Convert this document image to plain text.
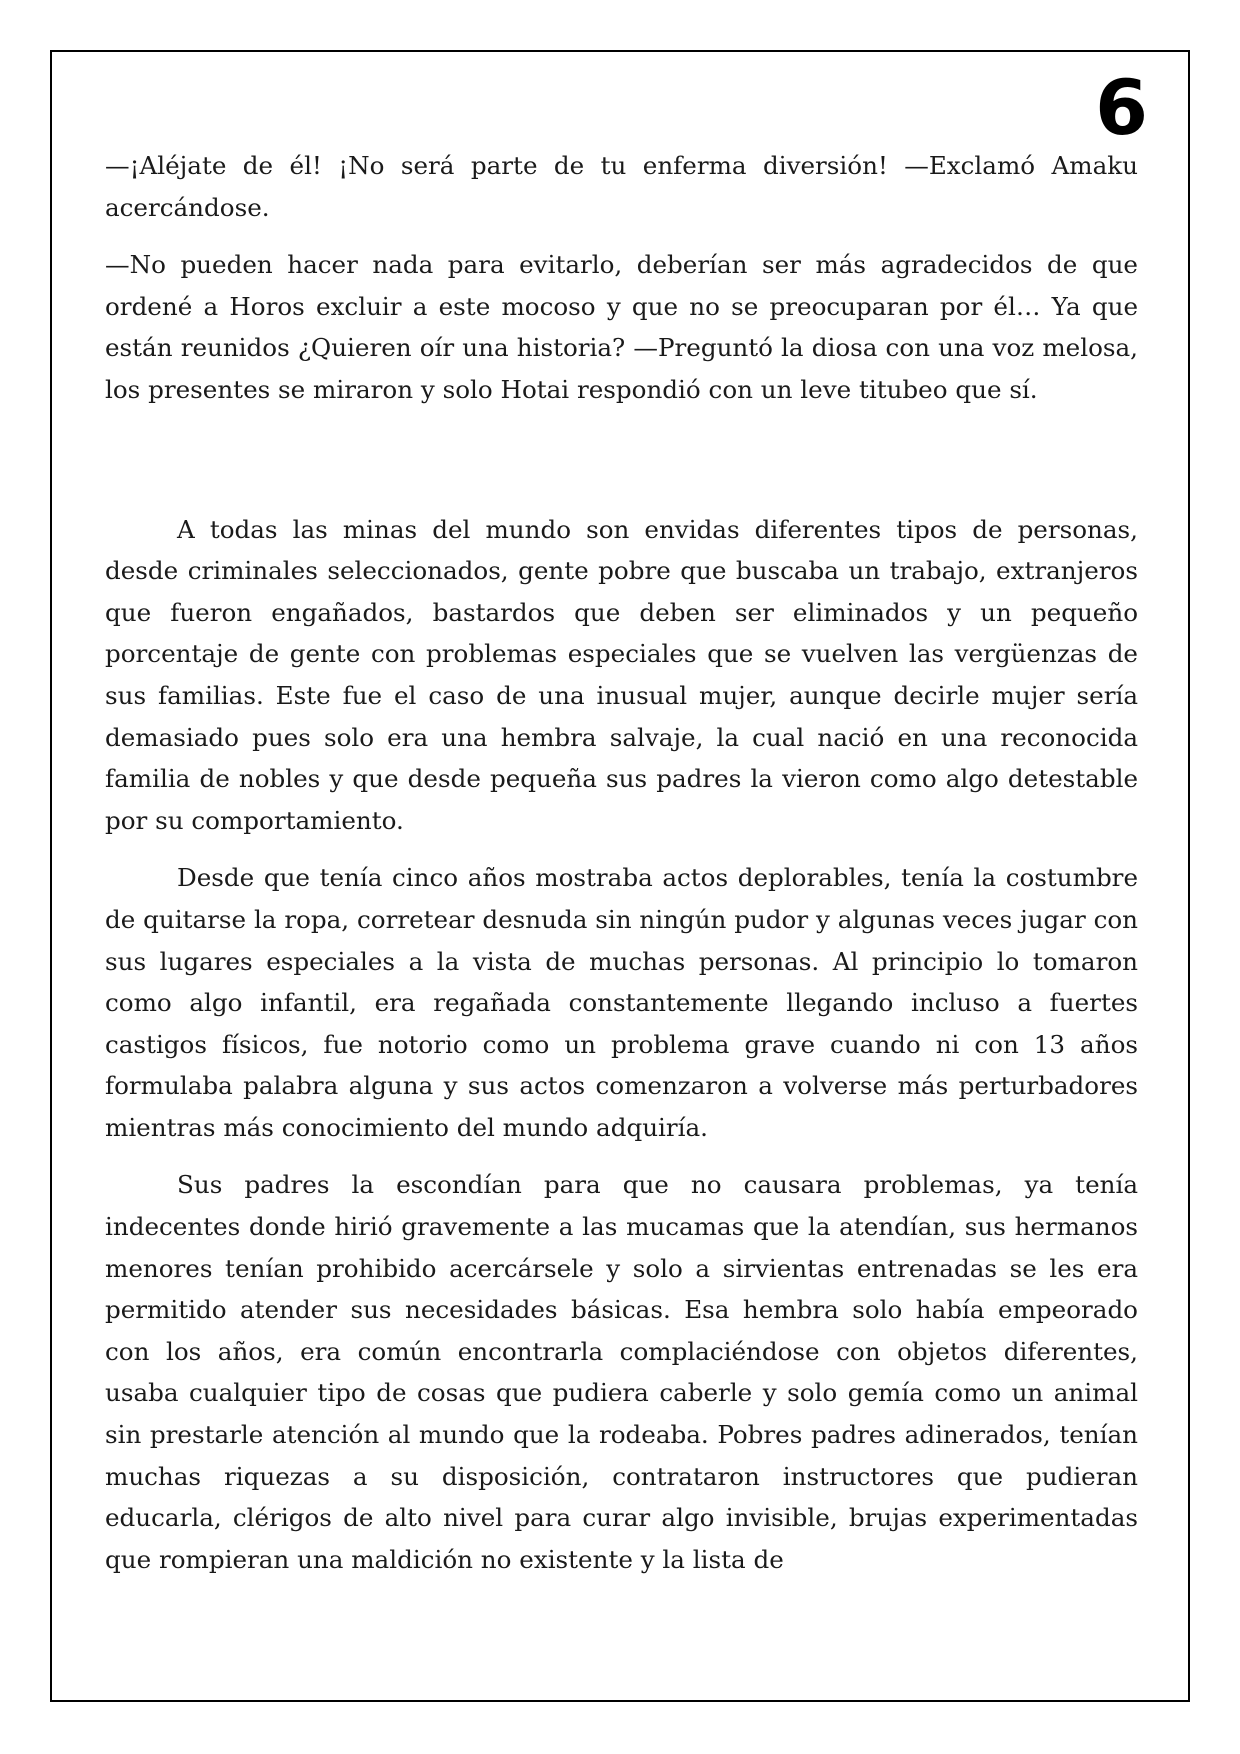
6

—¡Aléjate de él! ¡No será parte de tu enferma diversión! —Exclamó Amaku acercándose.

—No pueden hacer nada para evitarlo, deberían ser más agradecidos de que ordené a Horos excluir a este mocoso y que no se preocuparan por él… Ya que están reunidos ¿Quieren oír una historia? —Preguntó la diosa con una voz melosa, los presentes se miraron y solo Hotai respondió con un leve titubeo que sí.

A todas las minas del mundo son envidas diferentes tipos de personas, desde criminales seleccionados, gente pobre que buscaba un trabajo, extranjeros que fueron engañados, bastardos que deben ser eliminados y un pequeño porcentaje de gente con problemas especiales que se vuelven las vergüenzas de sus familias. Este fue el caso de una inusual mujer, aunque decirle mujer sería demasiado pues solo era una hembra salvaje, la cual nació en una reconocida familia de nobles y que desde pequeña sus padres la vieron como algo detestable por su comportamiento.

Desde que tenía cinco años mostraba actos deplorables, tenía la costumbre de quitarse la ropa, corretear desnuda sin ningún pudor y algunas veces jugar con sus lugares especiales a la vista de muchas personas. Al principio lo tomaron como algo infantil, era regañada constantemente llegando incluso a fuertes castigos físicos, fue notorio como un problema grave cuando ni con 13 años formulaba palabra alguna y sus actos comenzaron a volverse más perturbadores mientras más conocimiento del mundo adquiría.

Sus padres la escondían para que no causara problemas, ya tenía indecentes donde hirió gravemente a las mucamas que la atendían, sus hermanos menores tenían prohibido acercársele y solo a sirvientas entrenadas se les era permitido atender sus necesidades básicas. Esa hembra solo había empeorado con los años, era común encontrarla complaciéndose con objetos diferentes, usaba cualquier tipo de cosas que pudiera caberle y solo gemía como un animal sin prestarle atención al mundo que la rodeaba. Pobres padres adinerados, tenían muchas riquezas a su disposición, contrataron instructores que pudieran educarla, clérigos de alto nivel para curar algo invisible, brujas experimentadas que rompieran una maldición no existente y la lista de
